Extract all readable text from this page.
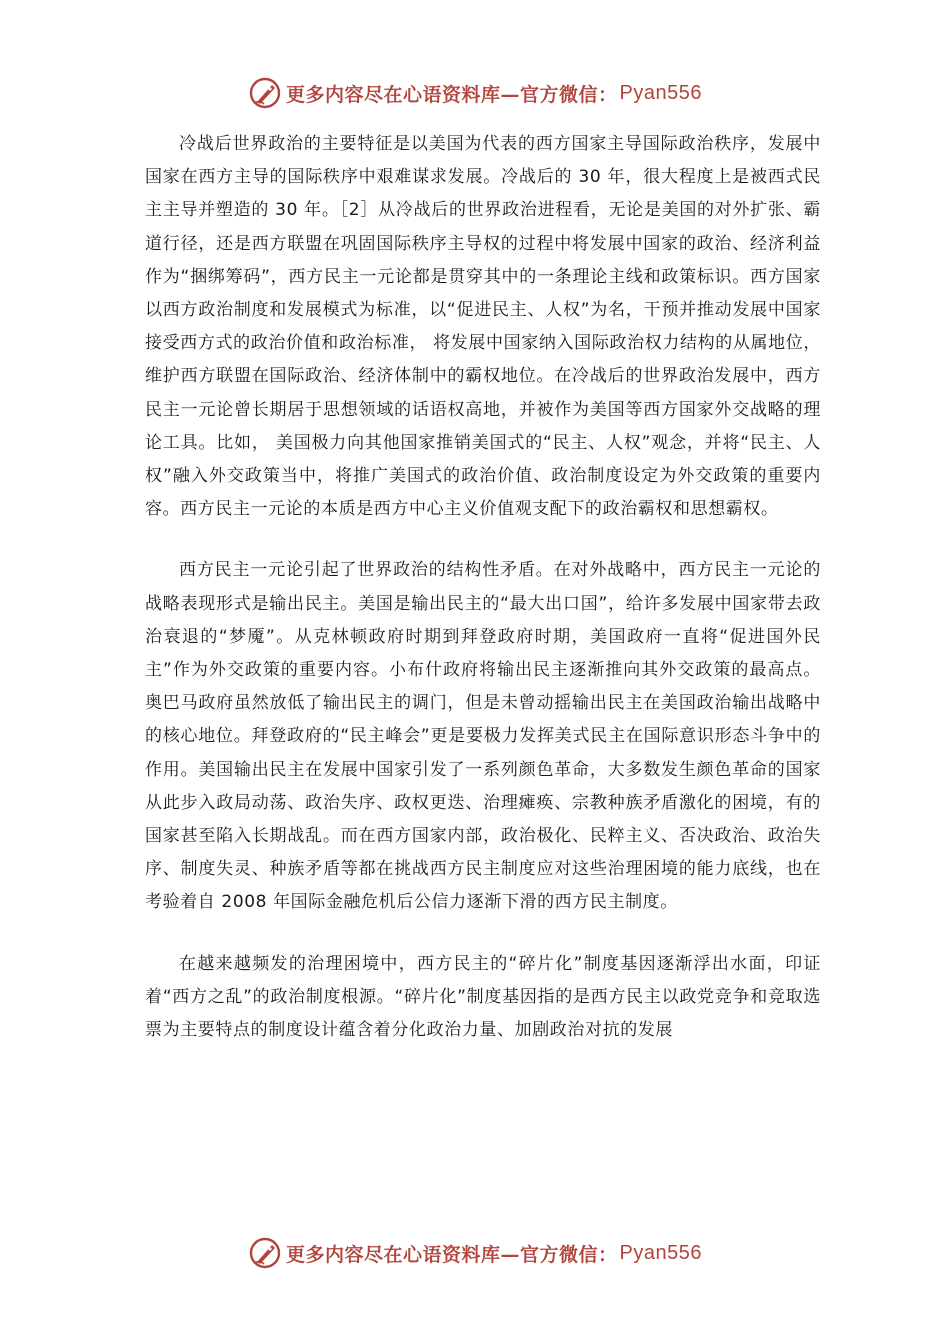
更多内容尽在心语资料库—官方微信： Pyan556

冷战后世界政治的主要特征是以美国为代表的西方国家主导国际政治秩序，发展中国家在西方主导的国际秩序中艰难谋求发展。冷战后的 30 年，很大程度上是被西式民主主导并塑造的 30 年。［2］从冷战后的世界政治进程看，无论是美国的对外扩张、霸道行径，还是西方联盟在巩固国际秩序主导权的过程中将发展中国家的政治、经济利益作为“捆绑筹码”，西方民主一元论都是贯穿其中的一条理论主线和政策标识。西方国家以西方政治制度和发展模式为标准，以“促进民主、人权”为名，干预并推动发展中国家接受西方式的政治价值和政治标准， 将发展中国家纳入国际政治权力结构的从属地位，维护西方联盟在国际政治、经济体制中的霸权地位。在冷战后的世界政治发展中，西方民主一元论曾长期居于思想领域的话语权高地，并被作为美国等西方国家外交战略的理论工具。比如， 美国极力向其他国家推销美国式的“民主、人权”观念，并将“民主、人权”融入外交政策当中，将推广美国式的政治价值、政治制度设定为外交政策的重要内容。西方民主一元论的本质是西方中心主义价值观支配下的政治霸权和思想霸权。

西方民主一元论引起了世界政治的结构性矛盾。在对外战略中，西方民主一元论的战略表现形式是输出民主。美国是输出民主的“最大出口国”，给许多发展中国家带去政治衰退的“梦魇”。从克林顿政府时期到拜登政府时期，美国政府一直将“促进国外民主”作为外交政策的重要内容。小布什政府将输出民主逐渐推向其外交政策的最高点。奥巴马政府虽然放低了输出民主的调门，但是未曾动摇输出民主在美国政治输出战略中的核心地位。拜登政府的“民主峰会”更是要极力发挥美式民主在国际意识形态斗争中的作用。美国输出民主在发展中国家引发了一系列颜色革命，大多数发生颜色革命的国家从此步入政局动荡、政治失序、政权更迭、治理瘫痪、宗教种族矛盾激化的困境，有的国家甚至陷入长期战乱。而在西方国家内部，政治极化、民粹主义、否决政治、政治失序、制度失灵、种族矛盾等都在挑战西方民主制度应对这些治理困境的能力底线，也在考验着自 2008 年国际金融危机后公信力逐渐下滑的西方民主制度。

在越来越频发的治理困境中，西方民主的“碎片化”制度基因逐渐浮出水面，印证着“西方之乱”的政治制度根源。“碎片化”制度基因指的是西方民主以政党竞争和竞取选票为主要特点的制度设计蕴含着分化政治力量、加剧政治对抗的发展

更多内容尽在心语资料库—官方微信： Pyan556
